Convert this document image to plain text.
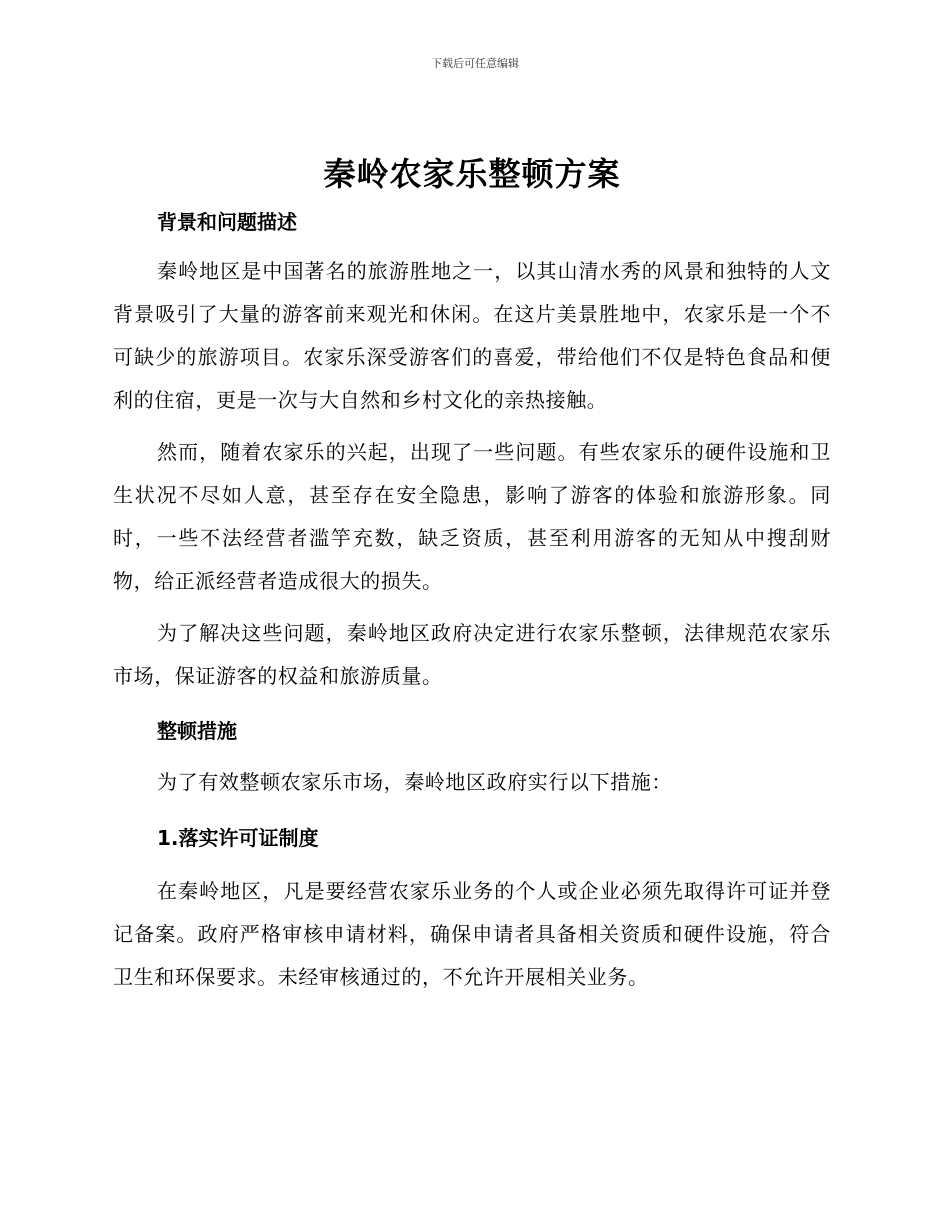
下载后可任意编辑
秦岭农家乐整顿方案
背景和问题描述

秦岭地区是中国著名的旅游胜地之一，以其山清水秀的风景和独特的人文背景吸引了大量的游客前来观光和休闲。在这片美景胜地中，农家乐是一个不可缺少的旅游项目。农家乐深受游客们的喜爱，带给他们不仅是特色食品和便利的住宿，更是一次与大自然和乡村文化的亲热接触。

然而，随着农家乐的兴起，出现了一些问题。有些农家乐的硬件设施和卫生状况不尽如人意，甚至存在安全隐患，影响了游客的体验和旅游形象。同时，一些不法经营者滥竽充数，缺乏资质，甚至利用游客的无知从中搜刮财物，给正派经营者造成很大的损失。

为了解决这些问题，秦岭地区政府决定进行农家乐整顿，法律规范农家乐市场，保证游客的权益和旅游质量。

整顿措施

为了有效整顿农家乐市场，秦岭地区政府实行以下措施：

1.落实许可证制度

在秦岭地区，凡是要经营农家乐业务的个人或企业必须先取得许可证并登记备案。政府严格审核申请材料，确保申请者具备相关资质和硬件设施，符合卫生和环保要求。未经审核通过的，不允许开展相关业务。
